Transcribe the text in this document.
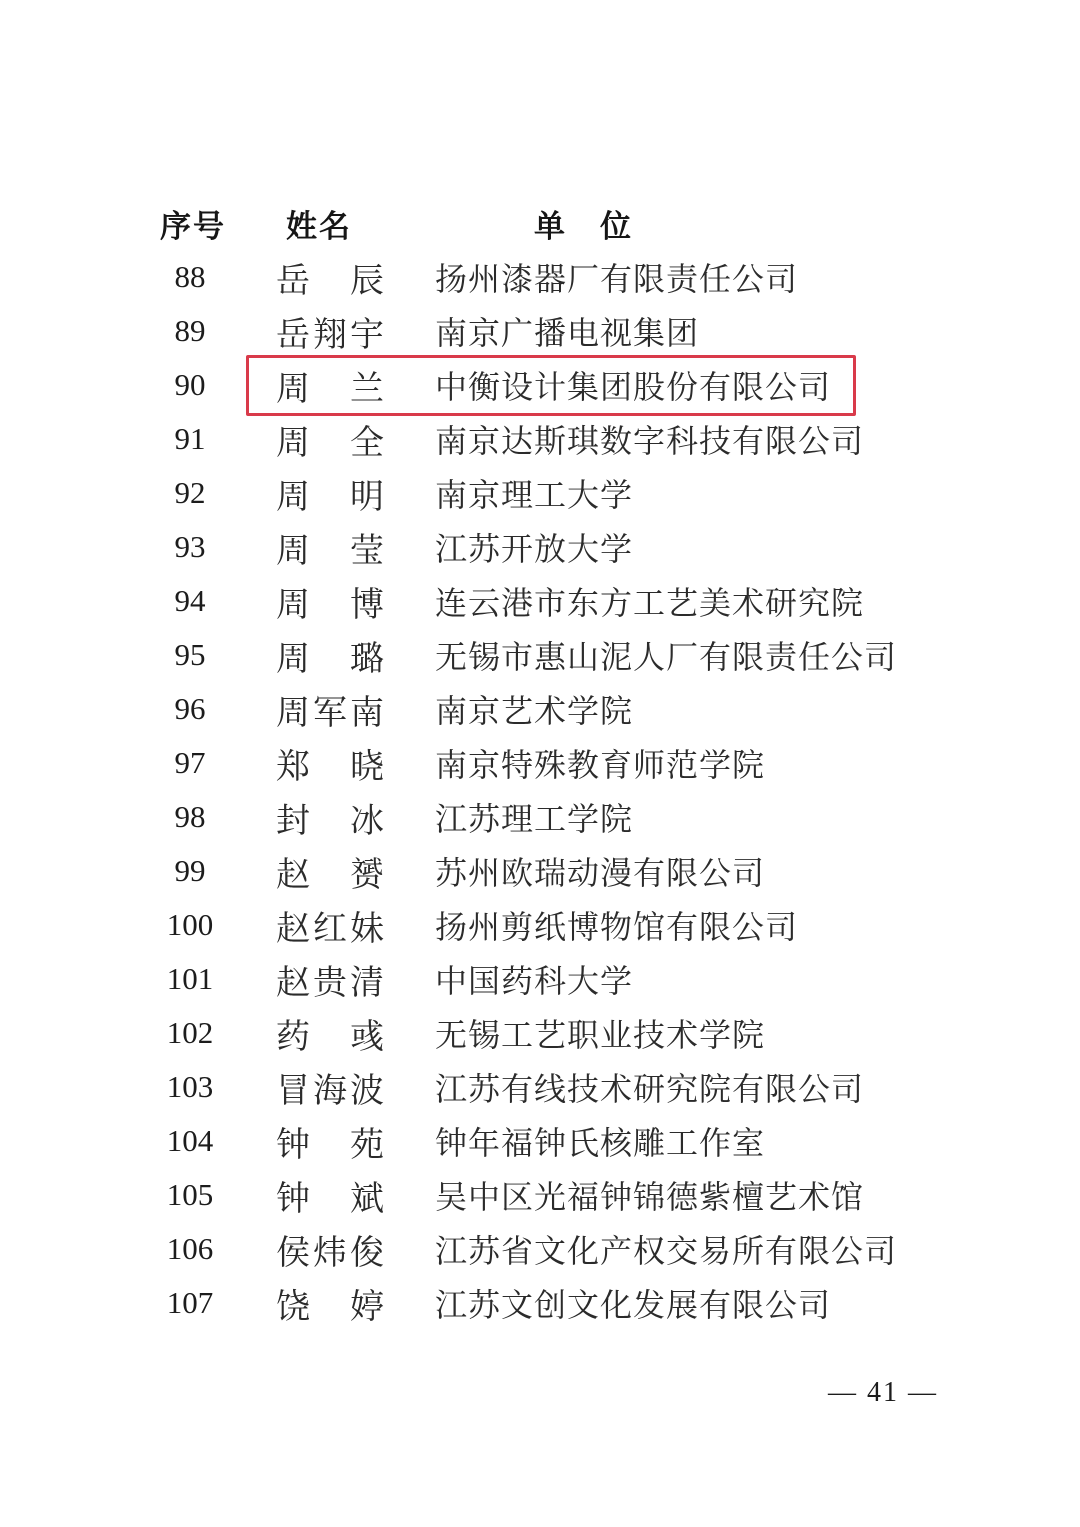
序号 姓名	单　位
88	岳　辰	扬州漆器厂有限责任公司
89	岳翔宇	南京广播电视集团
90	周　兰	中衡设计集团股份有限公司
91	周　全	南京达斯琪数字科技有限公司
92	周　明	南京理工大学
93	周　莹	江苏开放大学
94	周　博	连云港市东方工艺美术研究院
95	周　璐	无锡市惠山泥人厂有限责任公司
96	周军南	南京艺术学院
97	郑　晓	南京特殊教育师范学院
98	封　冰	江苏理工学院
99	赵　赟	苏州欧瑞动漫有限公司
100	赵红妹	扬州剪纸博物馆有限公司
101	赵贵清	中国药科大学
102	药　彧	无锡工艺职业技术学院
103	冒海波	江苏有线技术研究院有限公司
104	钟　苑	钟年福钟氏核雕工作室
105	钟　斌	吴中区光福钟锦德紫檀艺术馆
106	侯炜俊	江苏省文化产权交易所有限公司
107	饶　婷	江苏文创文化发展有限公司
— 41 —
